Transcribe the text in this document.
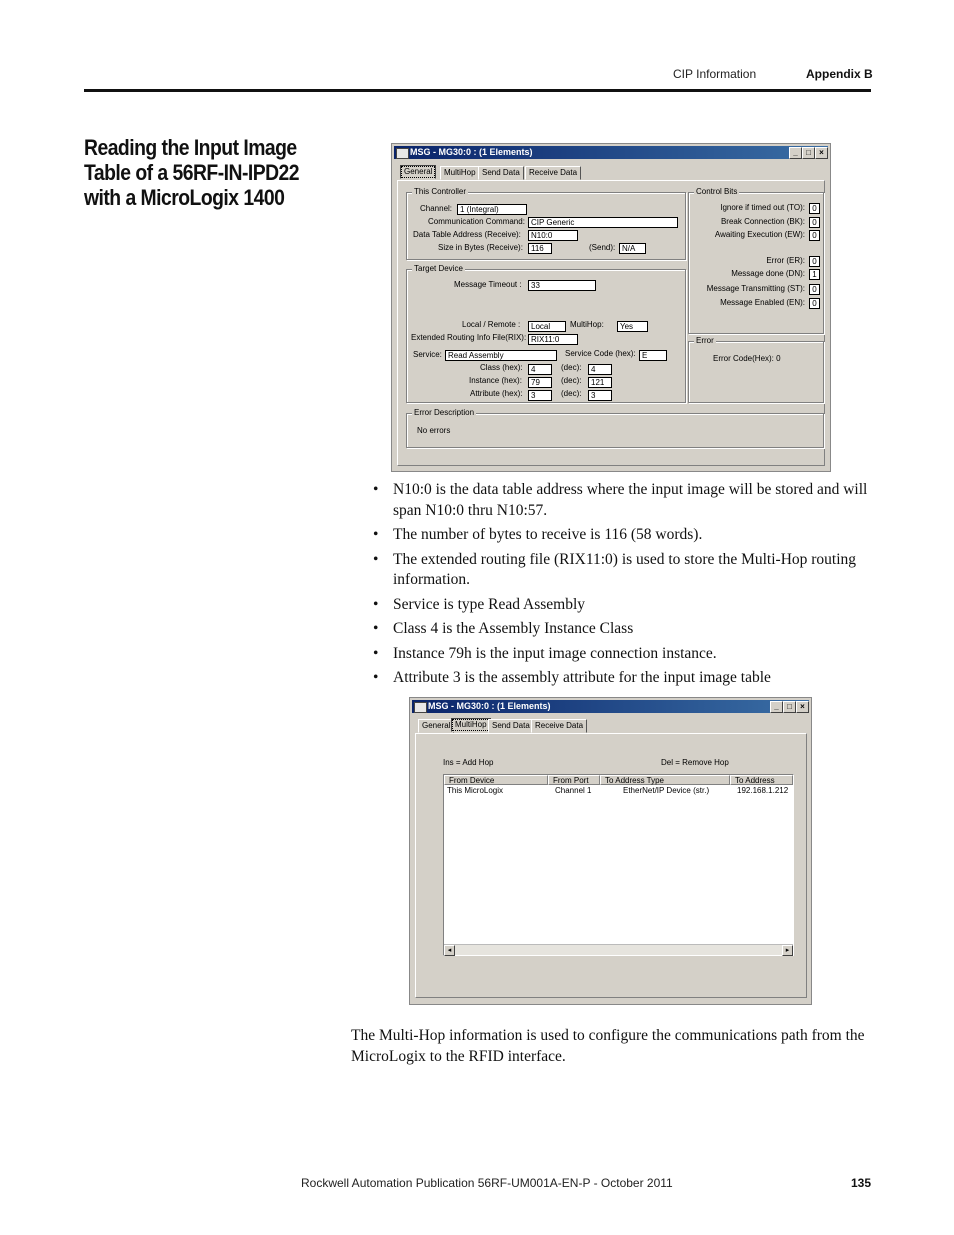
CIP Information	Appendix B
Reading the Input Image Table of a 56RF-IN-IPD22 with a MicroLogix 1400
MSG - MG30:0 : (1 Elements)	_	□	×
General	MultiHop Send Data	Receive Data
This Controller
Channel: 1 (Integral)
Communication Command: CIP Generic
Data Table Address (Receive):	N10:0
Size in Bytes (Receive):	116	(Send): N/A
Target Device
Message Timeout :	33
Local / Remote :	Local	MultiHop:	Yes
Extended Routing Info File(RIX): RIX11:0
Service: Read Assembly	Service Code (hex): E
Class (hex):	4	(dec):	4
Instance (hex):	79	(dec):	121
Attribute (hex):	3	(dec):	3
Control Bits
Ignore if timed out (TO): 0
Break Connection (BK): 0
Awaiting Execution (EW): 0
Error (ER): 0
Message done (DN): 1
Message Transmitting (ST): 0
Message Enabled (EN): 0
Error
Error Code(Hex): 0
Error Description
No errors
• N10:0 is the data table address where the input image will be stored and will span N10:0 thru N10:57.
• The number of bytes to receive is 116 (58 words).
• The extended routing file (RIX11:0) is used to store the Multi-Hop routing information.
• Service is type Read Assembly
• Class 4 is the Assembly Instance Class
• Instance 79h is the input image connection instance.
• Attribute 3 is the assembly attribute for the input image table
MSG - MG30:0 : (1 Elements)	_	□	×
General MultiHop Send Data Receive Data
Ins = Add Hop	Del = Remove Hop
From Device	From Port	To Address Type	To Address
This MicroLogix	Channel 1	EtherNet/IP Device (str.)	192.168.1.212
◂	▸
The Multi-Hop information is used to configure the communications path from the MicroLogix to the RFID interface.
Rockwell Automation Publication 56RF-UM001A-EN-P - October 2011	135
